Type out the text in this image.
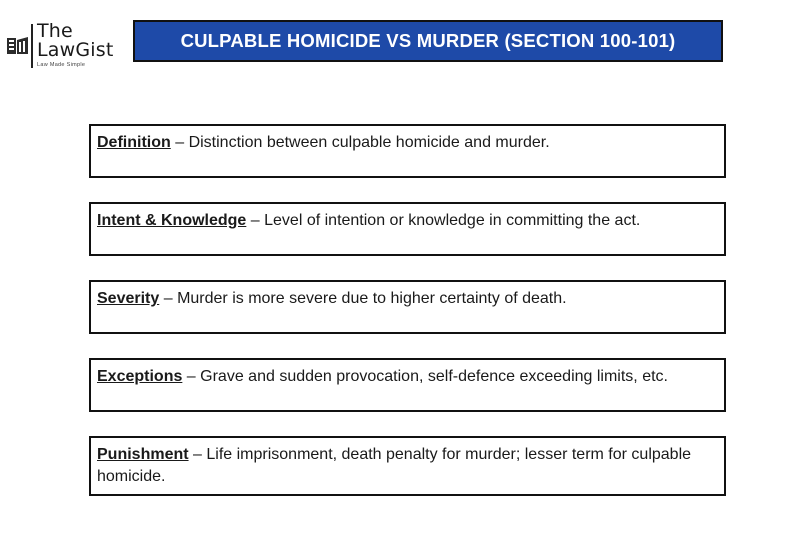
The
LawGist
Law Made Simple
CULPABLE HOMICIDE VS MURDER (SECTION 100-101)
Definition – Distinction between culpable homicide and murder.
Intent & Knowledge – Level of intention or knowledge in committing the act.
Severity – Murder is more severe due to higher certainty of death.
Exceptions – Grave and sudden provocation, self-defence exceeding limits, etc.
Punishment – Life imprisonment, death penalty for murder; lesser term for culpable homicide.
